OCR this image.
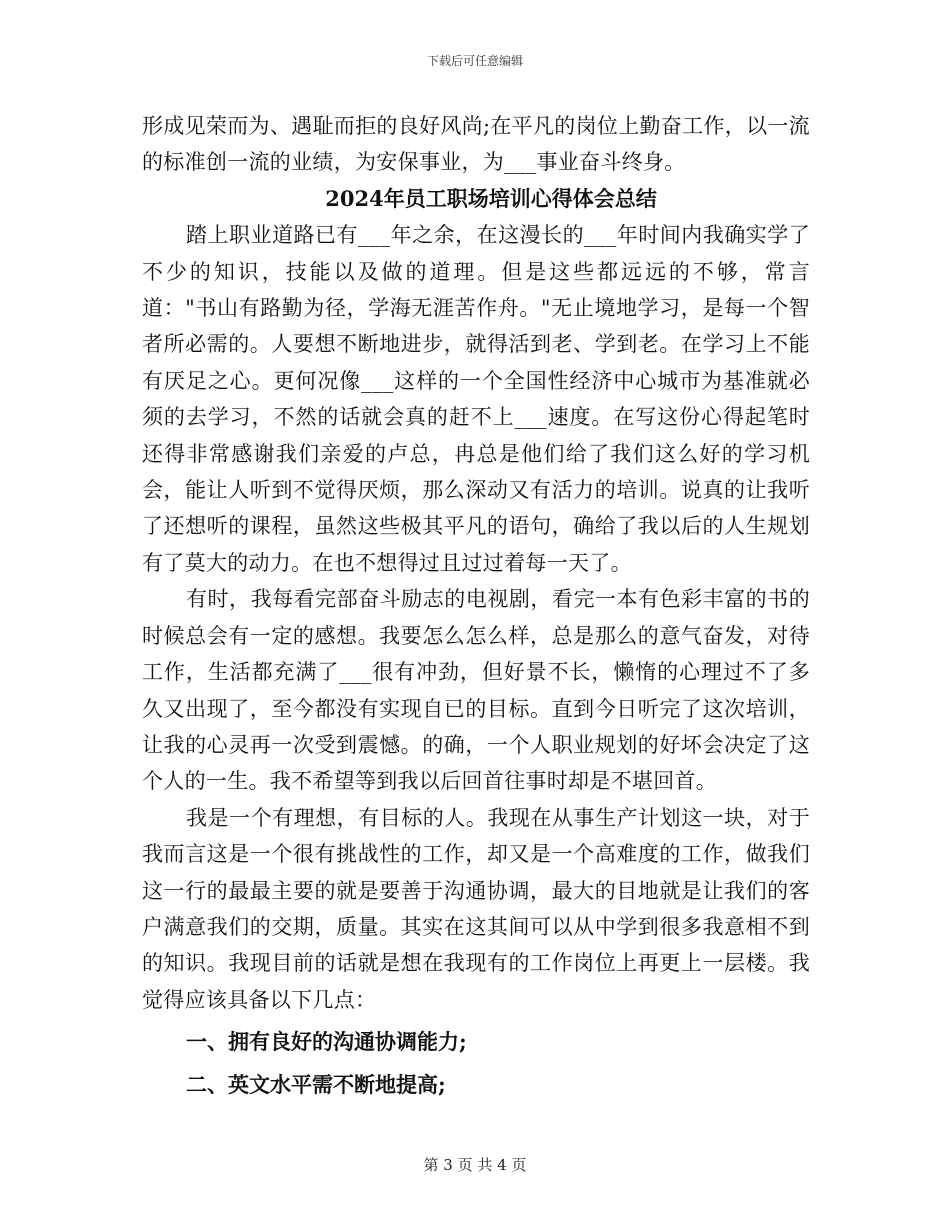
下载后可任意编辑

形成见荣而为、遇耻而拒的良好风尚;在平凡的岗位上勤奋工作，以一流的标准创一流的业绩，为安保事业，为___事业奋斗终身。

2024年员工职场培训心得体会总结

踏上职业道路已有___年之余，在这漫长的___年时间内我确实学了不少的知识，技能以及做的道理。但是这些都远远的不够，常言道："书山有路勤为径，学海无涯苦作舟。"无止境地学习，是每一个智者所必需的。人要想不断地进步，就得活到老、学到老。在学习上不能有厌足之心。更何况像___这样的一个全国性经济中心城市为基准就必须的去学习，不然的话就会真的赶不上___速度。在写这份心得起笔时还得非常感谢我们亲爱的卢总，冉总是他们给了我们这么好的学习机会，能让人听到不觉得厌烦，那么深动又有活力的培训。说真的让我听了还想听的课程，虽然这些极其平凡的语句，确给了我以后的人生规划有了莫大的动力。在也不想得过且过过着每一天了。

有时，我每看完部奋斗励志的电视剧，看完一本有色彩丰富的书的时候总会有一定的感想。我要怎么怎么样，总是那么的意气奋发，对待工作，生活都充满了___很有冲劲，但好景不长，懒惰的心理过不了多久又出现了，至今都没有实现自已的目标。直到今日听完了这次培训，让我的心灵再一次受到震憾。的确，一个人职业规划的好坏会决定了这个人的一生。我不希望等到我以后回首往事时却是不堪回首。

我是一个有理想，有目标的人。我现在从事生产计划这一块，对于我而言这是一个很有挑战性的工作，却又是一个高难度的工作，做我们这一行的最最主要的就是要善于沟通协调，最大的目地就是让我们的客户满意我们的交期，质量。其实在这其间可以从中学到很多我意相不到的知识。我现目前的话就是想在我现有的工作岗位上再更上一层楼。我觉得应该具备以下几点：

一、拥有良好的沟通协调能力;

二、英文水平需不断地提高;

第 3 页 共 4 页
